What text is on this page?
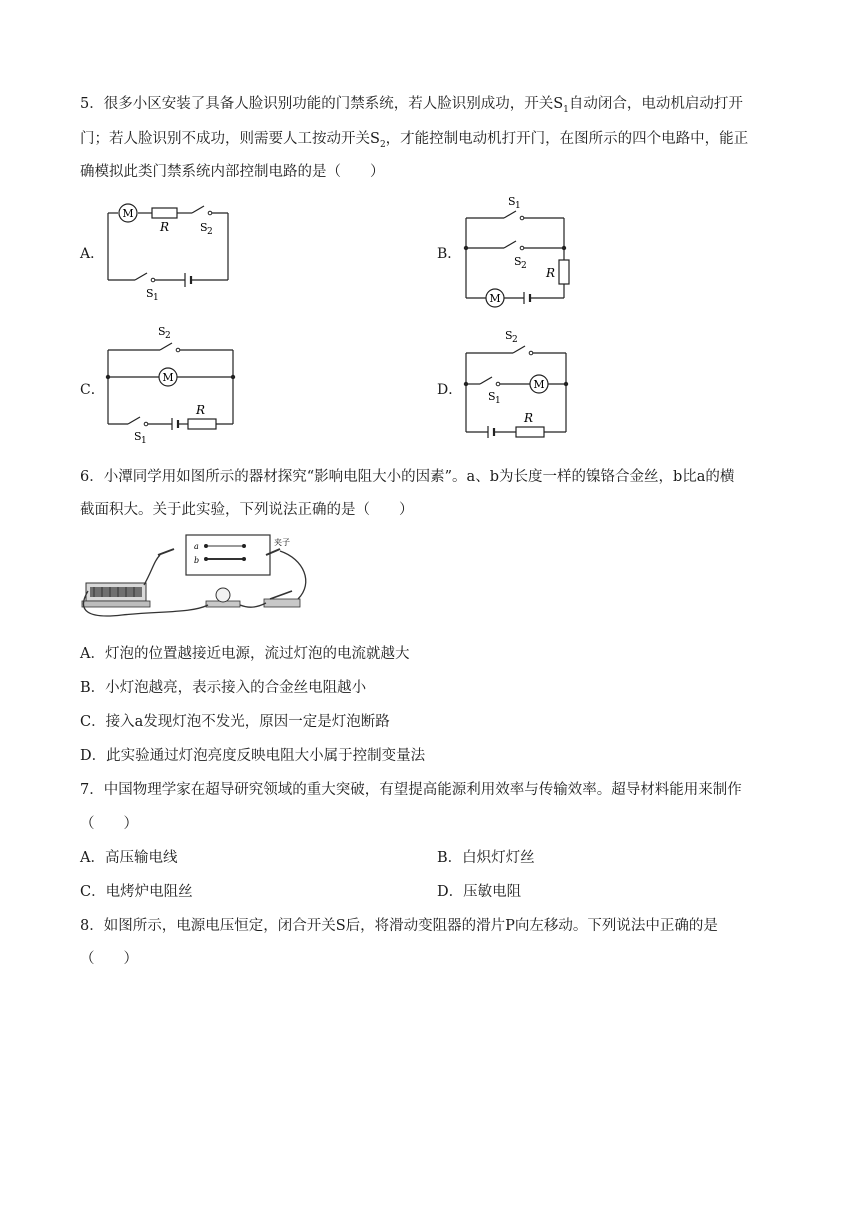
5．很多小区安装了具备人脸识别功能的门禁系统，若人脸识别成功，开关$S_1$自动闭合，电动机启动打开
门；若人脸识别不成功，则需要人工按动开关$S_2$，才能控制电动机打开门，在图所示的四个电路中，能正
确模拟此类门禁系统内部控制电路的是（　　）
A．
M
R	S 2
S 1
B．
S 1
S 2 R
M
C．
S 2
M
R
S 1
D．
S 2
M
S 1
R
6．小潭同学用如图所示的器材探究“影响电阻大小的因素”。a、b为长度一样的镍铬合金丝，b比a的横
截面积大。关于此实验，下列说法正确的是（　　）
a
b
夹子
A．灯泡的位置越接近电源，流过灯泡的电流就越大
B．小灯泡越亮，表示接入的合金丝电阻越小
C．接入a发现灯泡不发光，原因一定是灯泡断路
D．此实验通过灯泡亮度反映电阻大小属于控制变量法
7．中国物理学家在超导研究领域的重大突破，有望提高能源利用效率与传输效率。超导材料能用来制作
（　　）
A．高压输电线	B．白炽灯灯丝
C．电烤炉电阻丝	D．压敏电阻
8．如图所示，电源电压恒定，闭合开关S后，将滑动变阻器的滑片P向左移动。下列说法中正确的是
（　　）
